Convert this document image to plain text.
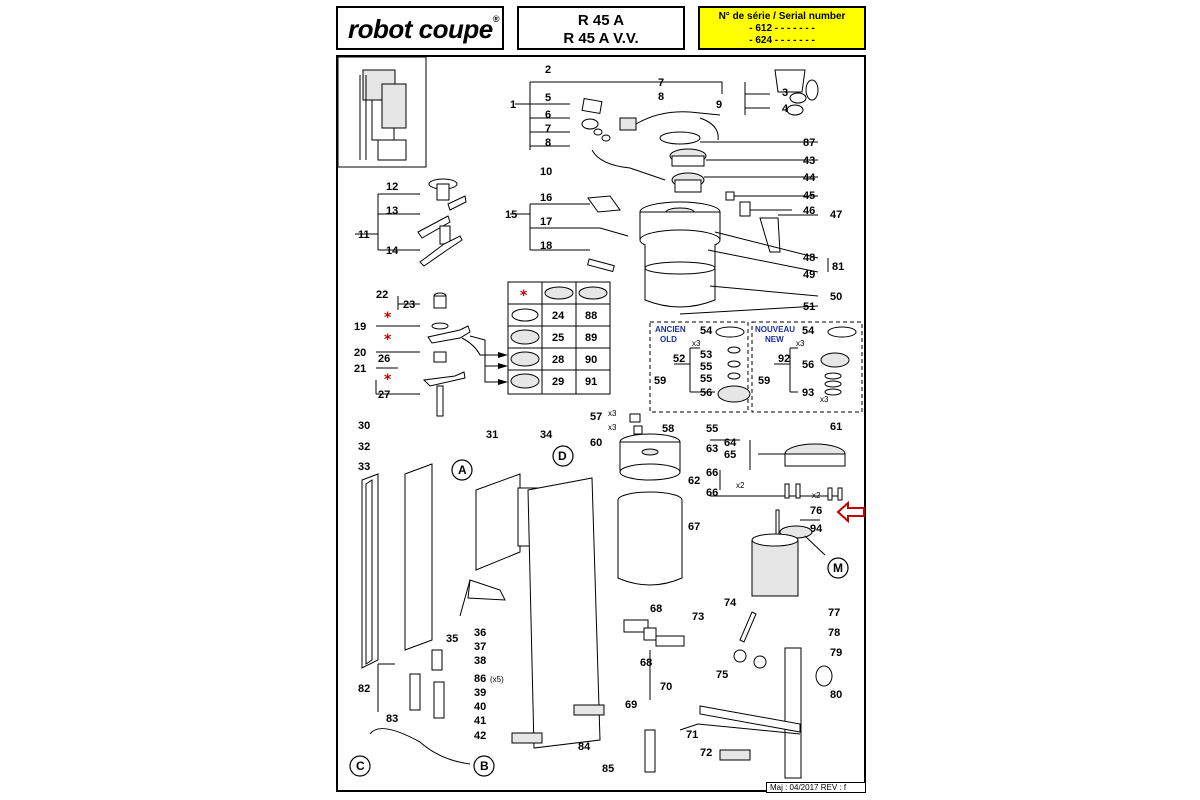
robot coupe®	R 45 A
R 45 A V.V.
N° de série / Serial number
- 612 - - - - - - -
- 624 - - - - - - -
2
1
5
6
7
8
7
8
9
10
3
4
87
43
44
45
46 47
48
49
81
50
51
12
13
11
14
16
15
17
18
22
23
*
19
*
20 26
21
*
27
*
24 88
25 89
28 90
29 91
ANCIEN
OLD
NOUVEAU
NEW
54
x3
53
52
55
55
59
56
54
x3
92 56
59
93
x3
57 x3
x3	58
60
67
55
64
63 65
61
66
62	x2
66	x2
76
94
31	34
30
32
33
35 36
37
38
86 (x5)
39
40
41
42
82
83
68
68
69
70
73
74
75
77
78
79
80
71
72
84
85
A
D
M
C	B
Maj : 04/2017 REV : f
